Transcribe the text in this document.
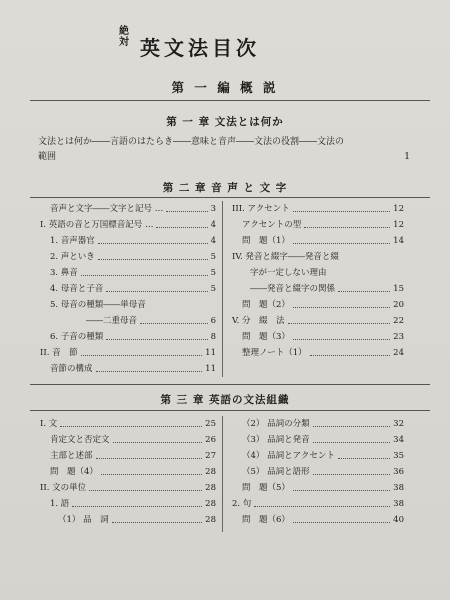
絶対 英文法目次
第 一 編 概 説
第 一 章 文法とは何か
文法とは何か――言語のはたらき――意味と音声――文法の役割――文法の
範囲	1
第 二 章 音 声 と 文 字
音声と文字――文字と記号 …	3
I. 英語の音と万国標音記号 …	4
1. 音声器官	4
2. 声といき	5
3. 鼻音	5
4. 母音と子音	5
5. 母音の種類――単母音
――二重母音	6
6. 子音の種類	8
II. 音　節	11
音節の構成	11
III. アクセント	12
アクセントの型	12
問　題（1）	14
IV. 発音と綴字――発音と綴
字が一定しない理由
――発音と綴字の関係	15
問　題（2）	20
V. 分　綴　法	22
問　題（3）	23
整理ノート（1）	24
第 三 章 英語の文法組織
I. 文	25
肯定文と否定文	26
主部と述部	27
問　題（4）	28
II. 文の単位	28
1. 語	28
（1） 品　詞	28
（2） 品詞の分類	32
（3） 品詞と発音	34
（4） 品詞とアクセント	35
（5） 品詞と語形	36
問　題（5）	38
2. 句	38
問　題（6）	40
